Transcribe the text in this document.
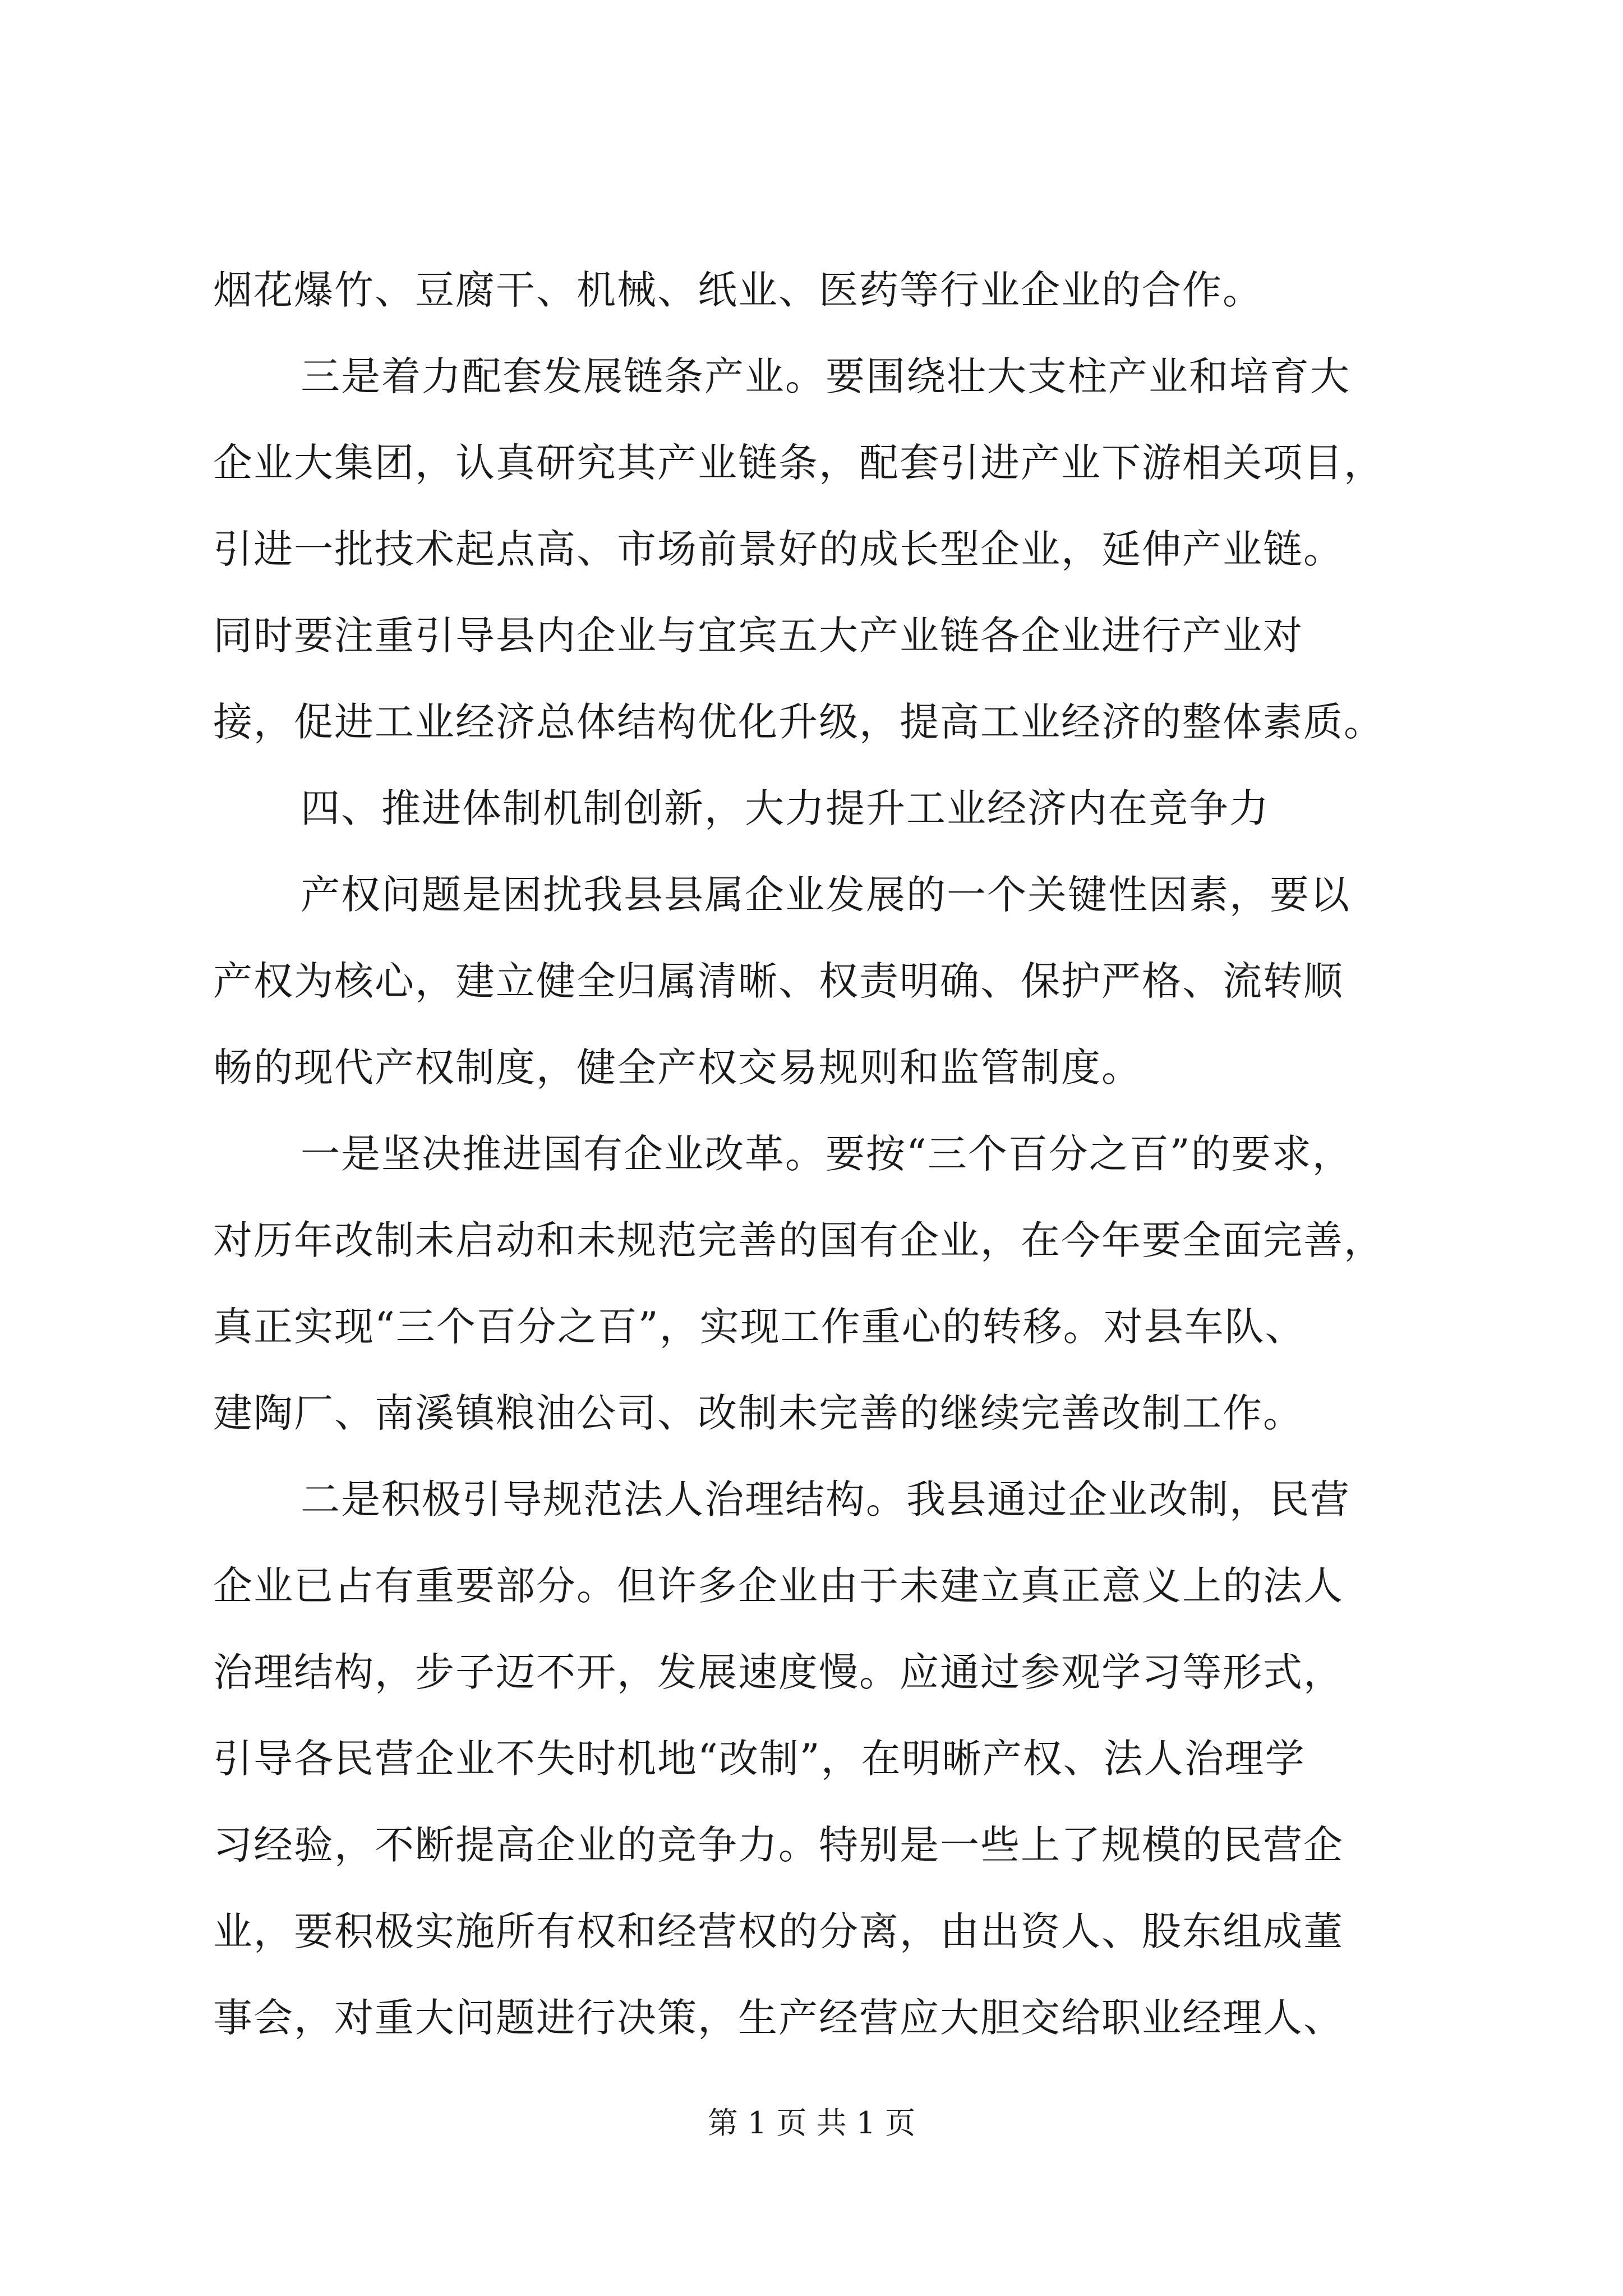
烟花爆竹、豆腐干、机械、纸业、医药等行业企业的合作。
三是着力配套发展链条产业。要围绕壮大支柱产业和培育大
企业大集团，认真研究其产业链条，配套引进产业下游相关项目，
引进一批技术起点高、市场前景好的成长型企业，延伸产业链。
同时要注重引导县内企业与宜宾五大产业链各企业进行产业对
接，促进工业经济总体结构优化升级，提高工业经济的整体素质。
四、推进体制机制创新，大力提升工业经济内在竞争力
产权问题是困扰我县县属企业发展的一个关键性因素，要以
产权为核心，建立健全归属清晰、权责明确、保护严格、流转顺
畅的现代产权制度，健全产权交易规则和监管制度。
一是坚决推进国有企业改革。要按“三个百分之百”的要求，
对历年改制未启动和未规范完善的国有企业，在今年要全面完善，
真正实现“三个百分之百”，实现工作重心的转移。对县车队、
建陶厂、南溪镇粮油公司、改制未完善的继续完善改制工作。
二是积极引导规范法人治理结构。我县通过企业改制，民营
企业已占有重要部分。但许多企业由于未建立真正意义上的法人
治理结构，步子迈不开，发展速度慢。应通过参观学习等形式，
引导各民营企业不失时机地“改制”，在明晰产权、法人治理学
习经验，不断提高企业的竞争力。特别是一些上了规模的民营企
业，要积极实施所有权和经营权的分离，由出资人、股东组成董
事会，对重大问题进行决策，生产经营应大胆交给职业经理人、
第 1 页 共 1 页
